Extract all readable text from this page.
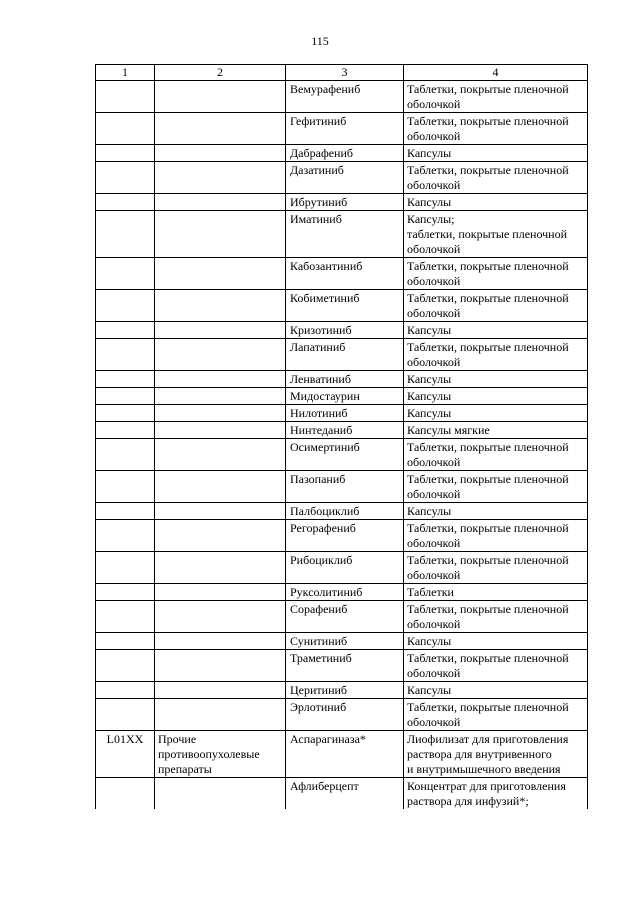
115
1	2	3	4
		Вемурафениб	Таблетки, покрытые пленочной
оболочкой
		Гефитиниб	Таблетки, покрытые пленочной
оболочкой
		Дабрафениб	Капсулы
		Дазатиниб	Таблетки, покрытые пленочной
оболочкой
		Ибрутиниб	Капсулы
		Иматиниб	Капсулы;
таблетки, покрытые пленочной
оболочкой
		Кабозантиниб	Таблетки, покрытые пленочной
оболочкой
		Кобиметиниб	Таблетки, покрытые пленочной
оболочкой
		Кризотиниб	Капсулы
		Лапатиниб	Таблетки, покрытые пленочной
оболочкой
		Ленватиниб	Капсулы
		Мидостаурин	Капсулы
		Нилотиниб	Капсулы
		Нинтеданиб	Капсулы мягкие
		Осимертиниб	Таблетки, покрытые пленочной
оболочкой
		Пазопаниб	Таблетки, покрытые пленочной
оболочкой
		Палбоциклиб	Капсулы
		Регорафениб	Таблетки, покрытые пленочной
оболочкой
		Рибоциклиб	Таблетки, покрытые пленочной
оболочкой
		Руксолитиниб	Таблетки
		Сорафениб	Таблетки, покрытые пленочной
оболочкой
		Сунитиниб	Капсулы
		Траметиниб	Таблетки, покрытые пленочной
оболочкой
		Церитиниб	Капсулы
		Эрлотиниб	Таблетки, покрытые пленочной
оболочкой
L01XX	Прочие
противоопухолевые
препараты	Аспарагиназа*	Лиофилизат для приготовления
раствора для внутривенного
и внутримышечного введения
		Афлиберцепт	Концентрат для приготовления
раствора для инфузий*;
